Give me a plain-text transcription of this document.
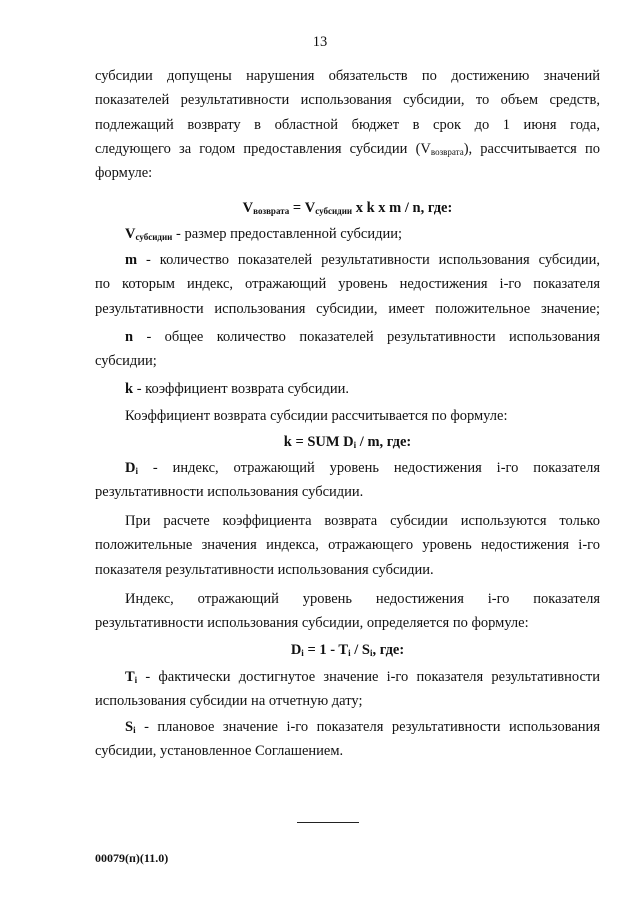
13
субсидии допущены нарушения обязательств по достижению значений
показателей результативности использования субсидии, то объем средств,
подлежащий возврату в областной бюджет в срок до 1 июня года,
следующего за годом предоставления субсидии $(V_{возврата})$, рассчитывается по
формуле:
$V_{возврата} = V_{субсидии}$ x k x m / n, где:
$V_{субсидии}$ - размер предоставленной субсидии;
m - количество показателей результативности использования субсидии,
по которым индекс, отражающий уровень недостижения i-го показателя
результативности использования субсидии, имеет положительное значение;
n - общее количество показателей результативности использования
субсидии;
k - коэффициент возврата субсидии.
Коэффициент возврата субсидии рассчитывается по формуле:
k = SUM $D_i$ / m, где:
$D_i$ - индекс, отражающий уровень недостижения i-го показателя
результативности использования субсидии.
При расчете коэффициента возврата субсидии используются только
положительные значения индекса, отражающего уровень недостижения i-го
показателя результативности использования субсидии.
Индекс, отражающий уровень недостижения i-го показателя
результативности использования субсидии, определяется по формуле:
$D_i = 1 - T_i / S_i$, где:
$T_i$ - фактически достигнутое значение i-го показателя результативности
использования субсидии на отчетную дату;
$S_i$ - плановое значение i-го показателя результативности использования
субсидии, установленное Соглашением.
00079(п)(11.0)
